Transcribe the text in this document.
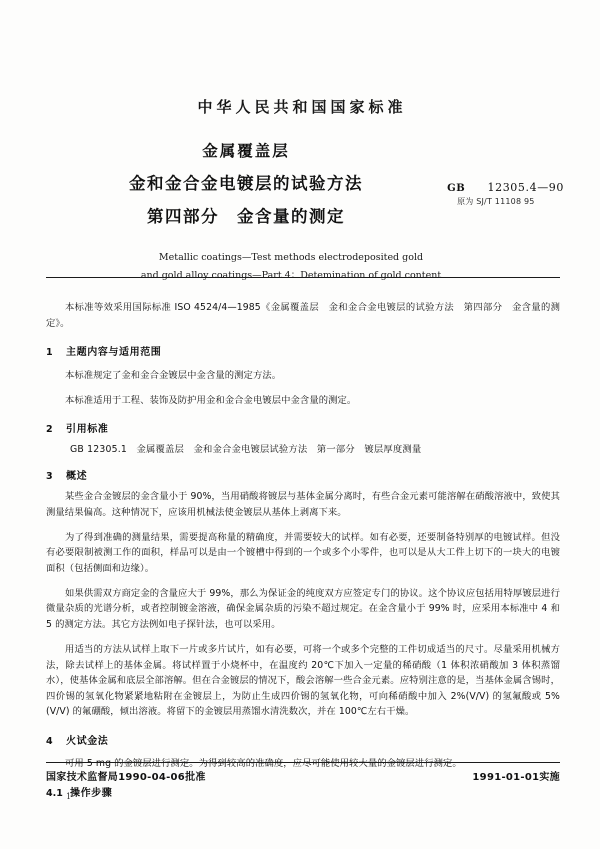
中华人民共和国国家标准
金属覆盖层
金和金合金电镀层的试验方法
第四部分　金含量的测定
GB 12305.4—90
原为 SJ/T 11108 95
Metallic coatings—Test methods electrodeposited gold
and gold alloy coatings—Part 4：Detemination of gold content

本标准等效采用国际标准 ISO 4524/4—1985《金属覆盖层　金和金合金电镀层的试验方法　第四部分　金含量的测定》。

1	主题内容与适用范围

本标准规定了金和金合金镀层中金含量的测定方法。

本标准适用于工程、装饰及防护用金和金合金电镀层中金含量的测定。

2	引用标准
GB 12305.1　金属覆盖层　金和金合金电镀层试验方法　第一部分　镀层厚度测量
3	概述

某些金合金镀层的金含量小于 90%，当用硝酸将镀层与基体金属分离时，有些合金元素可能溶解在硝酸溶液中，致使其测量结果偏高。这种情况下，应该用机械法使金镀层从基体上剥离下来。

为了得到准确的测量结果，需要提高称量的精确度，并需要较大的试样。如有必要，还要制备特别厚的电镀试样。但没有必要限制被测工作的面积，样品可以是由一个镀槽中得到的一个或多个小零件，也可以是从大工件上切下的一块大的电镀面积（包括侧面和边缘）。

如果供需双方商定金的含量应大于 99%，那么为保证金的纯度双方应签定专门的协议。这个协议应包括用特厚镀层进行微量杂质的光谱分析，或者控制镀金溶液，确保金属杂质的污染不超过规定。在金含量小于 99% 时，应采用本标准中 4 和 5 的测定方法。其它方法例如电子探针法，也可以采用。

用适当的方法从试样上取下一片或多片试片，如有必要，可将一个或多个完整的工件切成适当的尺寸。尽量采用机械方法，除去试样上的基体金属。将试样置于小烧杯中，在温度约 20℃下加入一定量的稀硝酸（1 体积浓硝酸加 3 体积蒸馏水），使基体金属和底层全部溶解。但在合金镀层的情况下，酸会溶解一些合金元素。应特别注意的是，当基体金属含锡时，四价锡的氢氧化物紧紧地粘附在金镀层上，为防止生成四价锡的氢氧化物，可向稀硝酸中加入 2%(V/V) 的氢氟酸或 5%(V/V) 的氟硼酸，倾出溶液。将留下的金镀层用蒸馏水清洗数次，并在 100℃左右干燥。

4	火试金法

可用 5 mg 的金镀层进行测定。为得到较高的准确度，应尽可能使用较大量的金镀层进行测定。

4.1 操作步骤
国家技术监督局1990-04-06批准	1991-01-01实施
1
